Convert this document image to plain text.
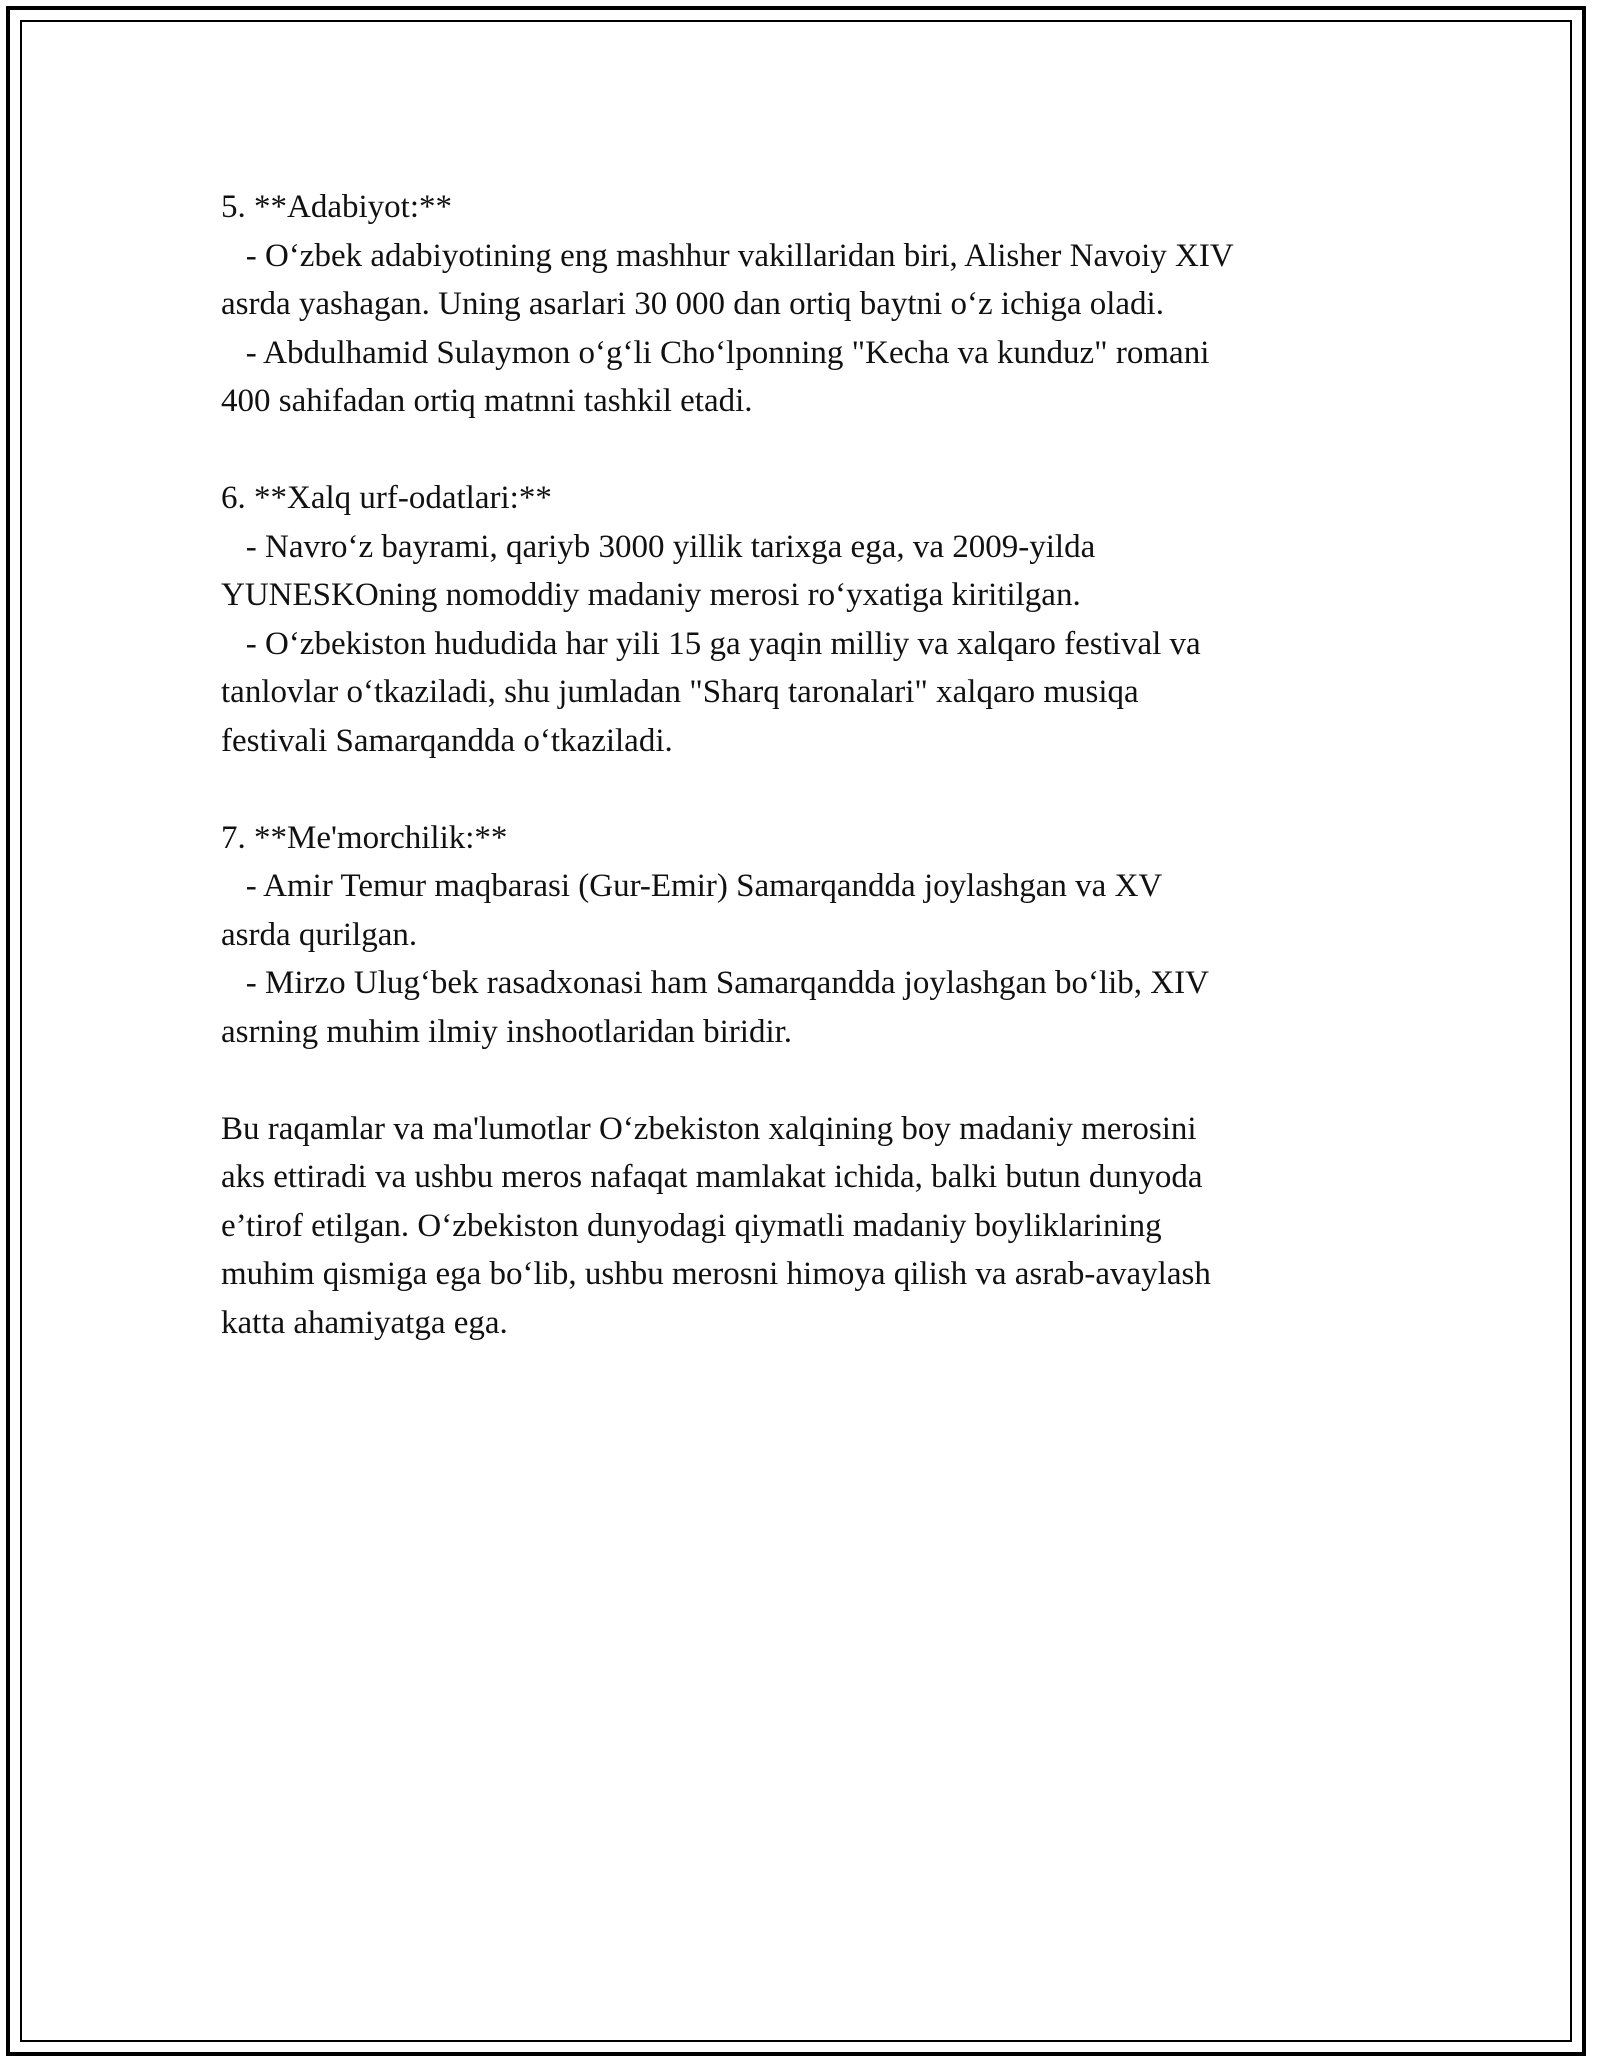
5. **Adabiyot:**
- O‘zbek adabiyotining eng mashhur vakillaridan biri, Alisher Navoiy XIV
asrda yashagan. Uning asarlari 30 000 dan ortiq baytni o‘z ichiga oladi.
- Abdulhamid Sulaymon o‘g‘li Cho‘lponning "Kecha va kunduz" romani
400 sahifadan ortiq matnni tashkil etadi.
6. **Xalq urf-odatlari:**
- Navro‘z bayrami, qariyb 3000 yillik tarixga ega, va 2009-yilda
YUNESKOning nomoddiy madaniy merosi ro‘yxatiga kiritilgan.
- O‘zbekiston hududida har yili 15 ga yaqin milliy va xalqaro festival va
tanlovlar o‘tkaziladi, shu jumladan "Sharq taronalari" xalqaro musiqa
festivali Samarqandda o‘tkaziladi.
7. **Me'morchilik:**
- Amir Temur maqbarasi (Gur-Emir) Samarqandda joylashgan va XV
asrda qurilgan.
- Mirzo Ulug‘bek rasadxonasi ham Samarqandda joylashgan bo‘lib, XIV
asrning muhim ilmiy inshootlaridan biridir.
Bu raqamlar va ma'lumotlar O‘zbekiston xalqining boy madaniy merosini
aks ettiradi va ushbu meros nafaqat mamlakat ichida, balki butun dunyoda
e’tirof etilgan. O‘zbekiston dunyodagi qiymatli madaniy boyliklarining
muhim qismiga ega bo‘lib, ushbu merosni himoya qilish va asrab-avaylash
katta ahamiyatga ega.
